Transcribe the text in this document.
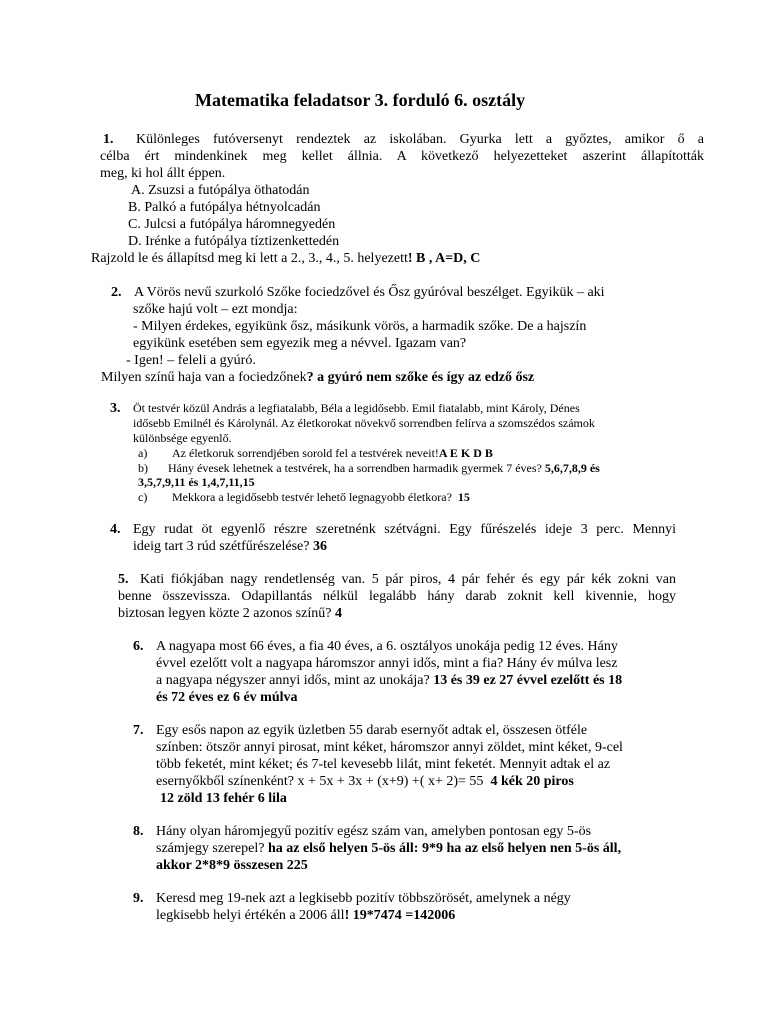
Matematika feladatsor 3. forduló 6. osztály
1. Különleges futóversenyt rendeztek az iskolában. Gyurka lett a győztes, amikor ő a
célba ért mindenkinek meg kellet állnia. A következő helyezetteket aszerint állapították
meg, ki hol állt éppen.
A. Zsuzsi a futópálya öthatodán
B. Palkó a futópálya hétnyolcadán
C. Julcsi a futópálya háromnegyedén
D. Irénke a futópálya tíztizenkettedén
Rajzold le és állapítsd meg ki lett a 2., 3., 4., 5. helyezett! B , A=D, C
2. A Vörös nevű szurkoló Szőke fociedzővel és Ősz gyúróval beszélget. Egyikük – aki
szőke hajú volt – ezt mondja:
- Milyen érdekes, egyikünk ősz, másikunk vörös, a harmadik szőke. De a hajszín
egyikünk esetében sem egyezik meg a névvel. Igazam van?
- Igen! – feleli a gyúró.
Milyen színű haja van a fociedzőnek? a gyúró nem szőke és így az edző ősz
3. Öt testvér közül András a legfiatalabb, Béla a legidősebb. Emil fiatalabb, mint Károly, Dénes
idősebb Emilnél és Károlynál. Az életkorokat növekvő sorrendben felírva a szomszédos számok
különbsége egyenlő.
a) Az életkoruk sorrendjében sorold fel a testvérek neveit!A E K D B
b) Hány évesek lehetnek a testvérek, ha a sorrendben harmadik gyermek 7 éves? 5,6,7,8,9 és
3,5,7,9,11 és 1,4,7,11,15
c) Mekkora a legidősebb testvér lehető legnagyobb életkora? 15
4. Egy rudat öt egyenlő részre szeretnénk szétvágni. Egy fűrészelés ideje 3 perc. Mennyi
ideig tart 3 rúd szétfűrészelése? 36
5. Kati fiókjában nagy rendetlenség van. 5 pár piros, 4 pár fehér és egy pár kék zokni van
benne összevissza. Odapillantás nélkül legalább hány darab zoknit kell kivennie, hogy
biztosan legyen közte 2 azonos színű? 4
6. A nagyapa most 66 éves, a fia 40 éves, a 6. osztályos unokája pedig 12 éves. Hány
évvel ezelőtt volt a nagyapa háromszor annyi idős, mint a fia? Hány év múlva lesz
a nagyapa négyszer annyi idős, mint az unokája? 13 és 39 ez 27 évvel ezelőtt és 18
és 72 éves ez 6 év múlva
7. Egy esős napon az egyik üzletben 55 darab esernyőt adtak el, összesen ötféle
színben: ötször annyi pirosat, mint kéket, háromszor annyi zöldet, mint kéket, 9-cel
több feketét, mint kéket; és 7-tel kevesebb lilát, mint feketét. Mennyit adtak el az
esernyőkből színenként? x + 5x + 3x + (x+9) +( x+ 2)= 55 4 kék 20 piros
12 zöld 13 fehér 6 lila
8. Hány olyan háromjegyű pozitív egész szám van, amelyben pontosan egy 5-ös
számjegy szerepel? ha az első helyen 5-ös áll: 9*9 ha az első helyen nen 5-ös áll,
akkor 2*8*9 összesen 225
9. Keresd meg 19-nek azt a legkisebb pozitív többszörösét, amelynek a négy
legkisebb helyi értékén a 2006 áll! 19*7474 =142006
